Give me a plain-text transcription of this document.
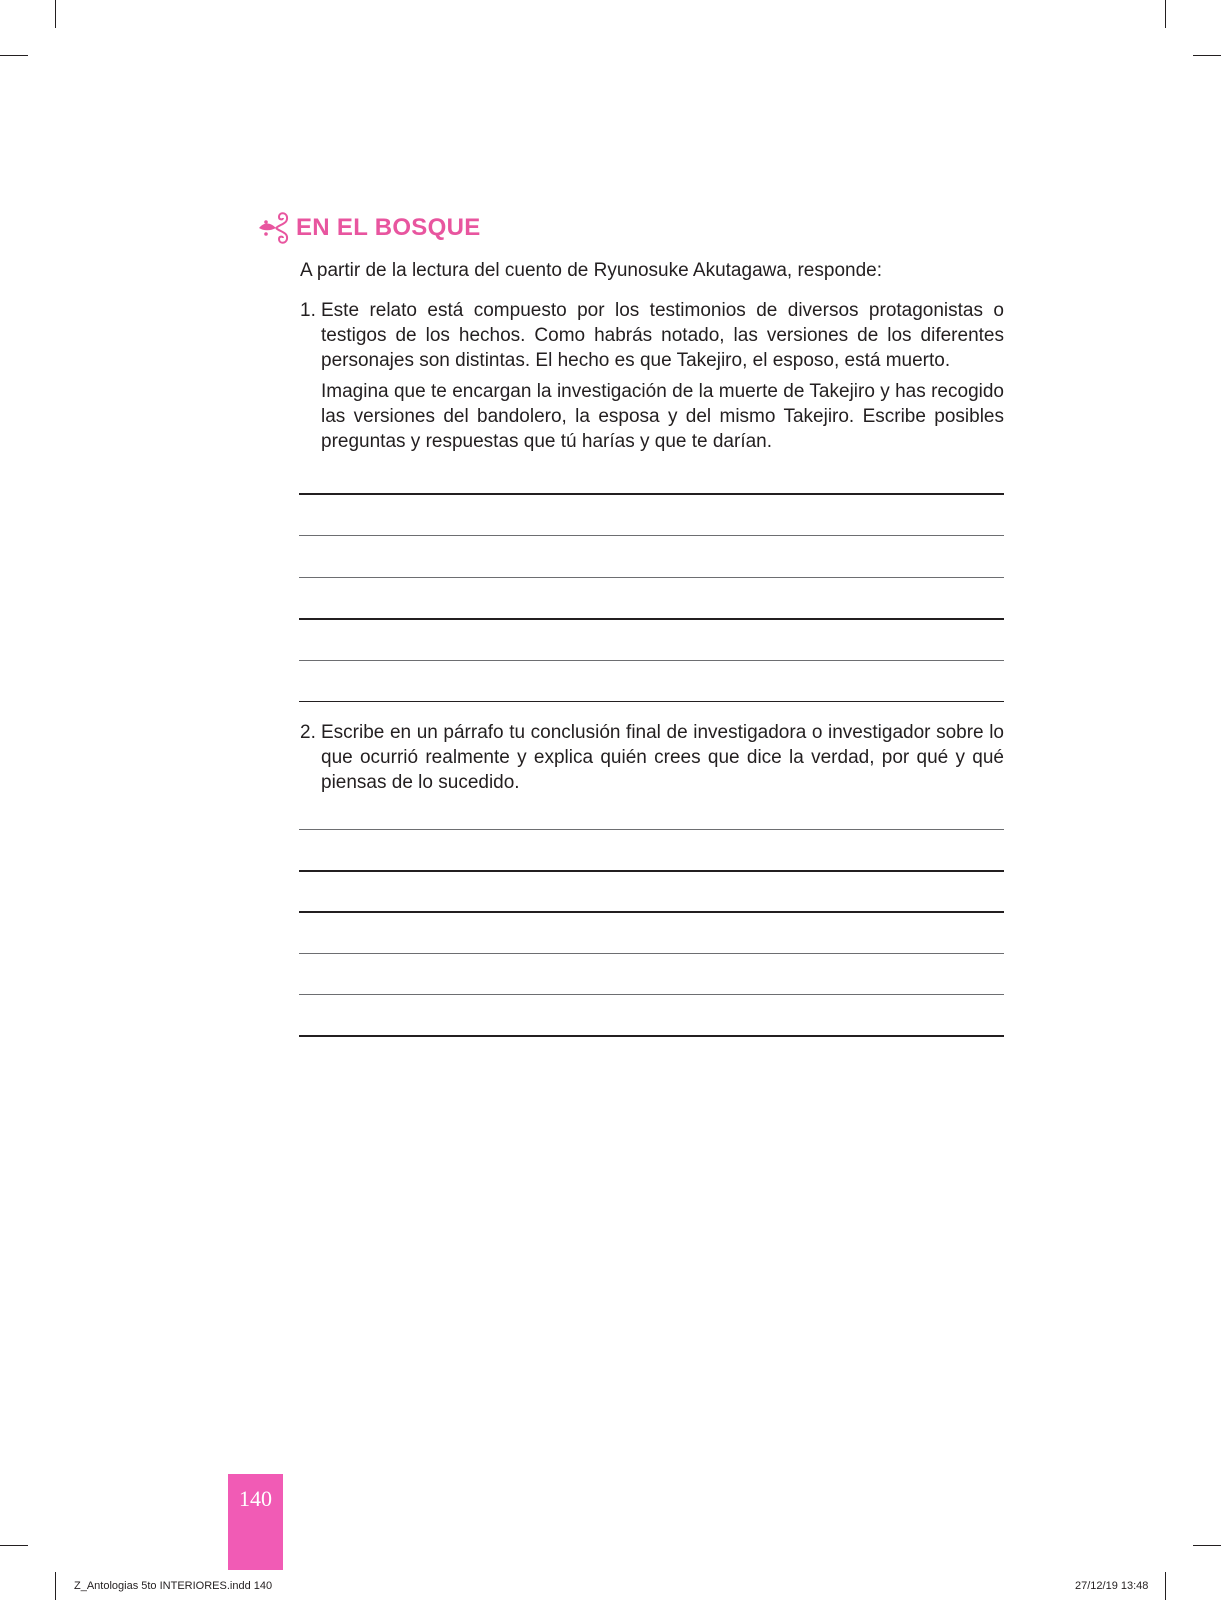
EN EL BOSQUE
A partir de la lectura del cuento de Ryunosuke Akutagawa, responde:
1. Este relato está compuesto por los testimonios de diversos protagonistas o testigos de los hechos. Como habrás notado, las versiones de los diferentes personajes son distintas. El hecho es que Takejiro, el esposo, está muerto.
Imagina que te encargan la investigación de la muerte de Takejiro y has recogido las versiones del bandolero, la esposa y del mismo Takejiro. Escribe posibles preguntas y respuestas que tú harías y que te darían.
2. Escribe en un párrafo tu conclusión final de investigadora o investigador sobre lo que ocurrió realmente y explica quién crees que dice la verdad, por qué y qué piensas de lo sucedido.
140
Z_Antologias 5to INTERIORES.indd 140	27/12/19 13:48
